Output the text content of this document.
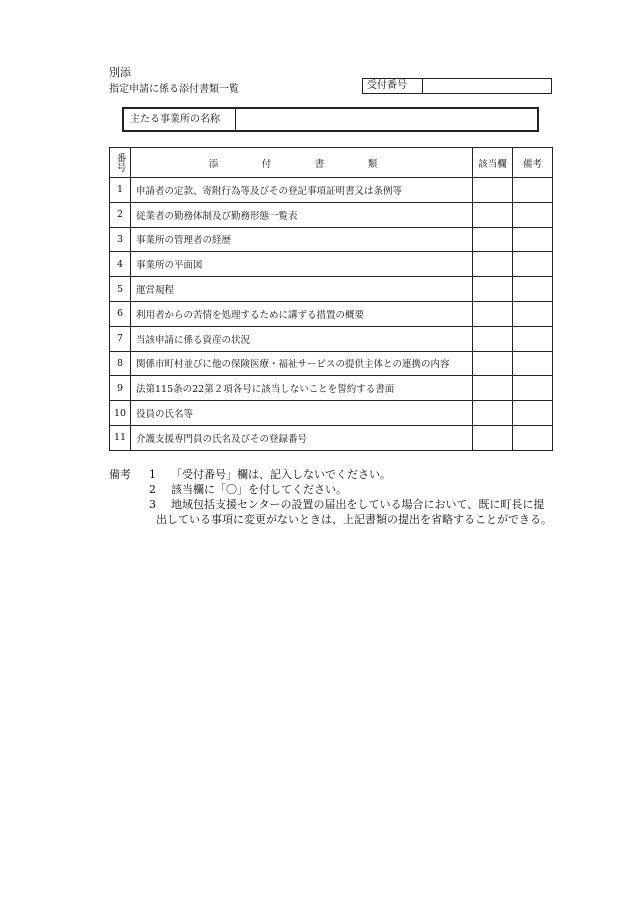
別添
指定申請に係る添付書類一覧	受付番号
主たる事業所の名称
番号	添　付　書　類	該当欄	備考
1	申請者の定款、寄附行為等及びその登記事項証明書又は条例等		
2	従業者の勤務体制及び勤務形態一覧表		
3	事業所の管理者の経歴		
4	事業所の平面図		
5	運営規程		
6	利用者からの苦情を処理するために講ずる措置の概要		
7	当該申請に係る資産の状況		
8	関係市町村並びに他の保険医療・福祉サービスの提供主体との連携の内容		
9	法第115条の22第２項各号に該当しないことを誓約する書面		
10	役員の氏名等		
11	介護支援専門員の氏名及びその登録番号		
備考	1	「受付番号」欄は、記入しないでください。
2	該当欄に「〇」を付してください。
3	地域包括支援センターの設置の届出をしている場合において、既に町長に提
出している事項に変更がないときは、上記書類の提出を省略することができる。
